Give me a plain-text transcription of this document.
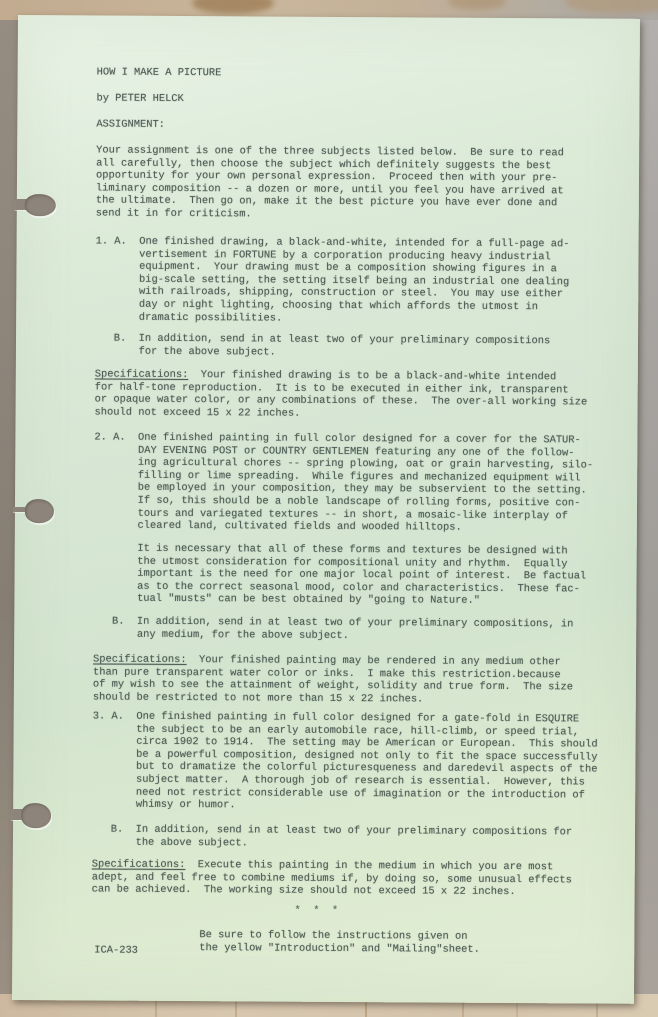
HOW I MAKE A PICTURE
by PETER HELCK
ASSIGNMENT:
Your assignment is one of the three subjects listed below.  Be sure to read
all carefully, then choose the subject which definitely suggests the best
opportunity for your own personal expression.  Proceed then with your pre-
liminary composition -- a dozen or more, until you feel you have arrived at
the ultimate.  Then go on, make it the best picture you have ever done and
send it in for criticism.
1. A.  One finished drawing, a black-and-white, intended for a full-page ad-
vertisement in FORTUNE by a corporation producing heavy industrial
equipment.  Your drawing must be a composition showing figures in a
big-scale setting, the setting itself being an industrial one dealing
with railroads, shipping, construction or steel.  You may use either
day or night lighting, choosing that which affords the utmost in
dramatic possibilities.
B.  In addition, send in at least two of your preliminary compositions
for the above subject.
Specifications:  Your finished drawing is to be a black-and-white intended
for half-tone reproduction.  It is to be executed in either ink, transparent
or opaque water color, or any combinations of these.  The over-all working size
should not exceed 15 x 22 inches.
2. A.  One finished painting in full color designed for a cover for the SATUR-
DAY EVENING POST or COUNTRY GENTLEMEN featuring any one of the follow-
ing agricultural chores -- spring plowing, oat or grain harvesting, silo-
filling or lime spreading.  While figures and mechanized equipment will
be employed in your composition, they may be subservient to the setting.
If so, this should be a noble landscape of rolling forms, positive con-
tours and variegated textures -- in short, a mosaic-like interplay of
cleared land, cultivated fields and wooded hilltops.
It is necessary that all of these forms and textures be designed with
the utmost consideration for compositional unity and rhythm.  Equally
important is the need for one major local point of interest.  Be factual
as to the correct seasonal mood, color and characteristics.  These fac-
tual "musts" can be best obtained by "going to Nature."
B.  In addition, send in at least two of your preliminary compositions, in
any medium, for the above subject.
Specifications:  Your finished painting may be rendered in any medium other
than pure transparent water color or inks.  I make this restriction.because
of my wish to see the attainment of weight, solidity and true form.  The size
should be restricted to not more than 15 x 22 inches.
3. A.  One finished painting in full color designed for a gate-fold in ESQUIRE
the subject to be an early automobile race, hill-climb, or speed trial,
circa 1902 to 1914.  The setting may be American or European.  This should
be a powerful composition, designed not only to fit the space successfully
but to dramatize the colorful picturesqueness and daredevil aspects of the
subject matter.  A thorough job of research is essential.  However, this
need not restrict considerable use of imagination or the introduction of
whimsy or humor.
B.  In addition, send in at least two of your preliminary compositions for
the above subject.
Specifications:  Execute this painting in the medium in which you are most
adept, and feel free to combine mediums if, by doing so, some unusual effects
can be achieved.  The working size should not exceed 15 x 22 inches.
*  *  *
Be sure to follow the instructions given on
the yellow "Introduction" and "Mailing"sheet.
ICA-233
